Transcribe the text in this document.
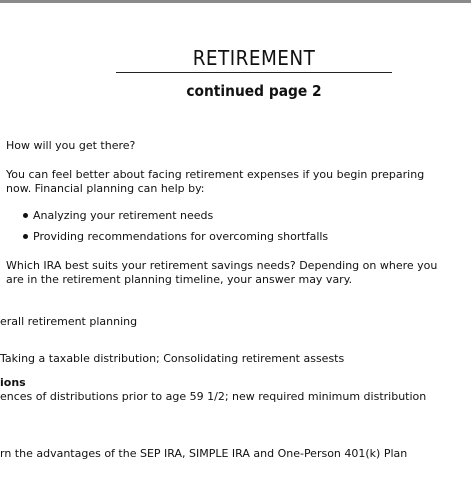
RETIREMENT
continued page 2
How will you get there?
You can feel better about facing retirement expenses if you begin preparing
now. Financial planning can help by:
Analyzing your retirement needs
Providing recommendations for overcoming shortfalls
Which IRA best suits your retirement savings needs? Depending on where you
are in the retirement planning timeline, your answer may vary.
erall retirement planning
Taking a taxable distribution; Consolidating retirement assests
ions
ences of distributions prior to age 59 1/2; new required minimum distribution
rn the advantages of the SEP IRA, SIMPLE IRA and One-Person 401(k) Plan
